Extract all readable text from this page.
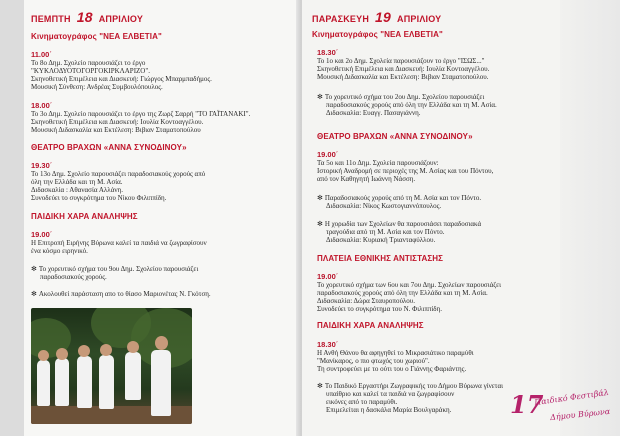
ΠΕΜΠΤΗ 18 ΑΠΡΙΛΙΟΥ
Κινηματογράφος "ΝΕΑ ΕΛΒΕΤΙΑ"
11.00΄
Το 8ο Δημ. Σχολείο παρουσιάζει το έργο
"ΚΥΚΛΟΔΥΟΤΟΓΟΡΓΟΚΙΡΚΛΑΡΙΖΟ".
Σκηνοθετική Επιμέλεια και Διασκευή: Γιώργος Μπαρμπαδήμος.
Μουσική Σύνθεση: Ανδρέας Συμβουλόπουλος.
18.00΄
Το 3ο Δημ. Σχολείο παρουσιάζει το έργο της Ζωρζ Σαρρή "ΤΟ ΓΑΪΤΑΝΑΚΙ".
Σκηνοθετική Επιμέλεια και Διασκευή: Ιουλία Κοντοαγγέλου.
Μουσική Διδασκαλία και Εκτέλεση: Βιβιαν Σταματοπούλου
ΘΕΑΤΡΟ ΒΡΑΧΩΝ «ΑΝΝΑ ΣΥΝΟΔΙΝΟΥ»
19.30΄
Το 13ο Δημ. Σχολείο παρουσιάζει παραδοσιακούς χορούς από
όλη την Ελλάδα και τη Μ. Ασία.
Διδασκαλία : Αθανασία Αλλάνη.
Συνοδεύει το συγκρότημα του Νίκου Φιλιππίδη.
ΠΑΙΔΙΚΗ ΧΑΡΑ ΑΝΑΛΗΨΗΣ
19.00΄
Η Επιτροπή Ειρήνης Βύρωνα καλεί τα παιδιά να ζωγραφίσουν
ένα κόσμο ειρηνικό.
✻ Το χορευτικό σχήμα του 9ου Δημ. Σχολείου παρουσιάζει
παραδοσιακούς χορούς.
✻ Ακολουθεί παράσταση απο το θίασο Μαριονέτας Ν. Γκότση.
ΠΑΡΑΣΚΕΥΗ 19 ΑΠΡΙΛΙΟΥ
Κινηματογράφος "ΝΕΑ ΕΛΒΕΤΙΑ"
18.30΄
Το 1ο και 2ο Δημ. Σχολεία παρουσιάζουν το έργο "ΙΣΩΣ..."
Σκηνοθετική Επιμέλεια και Διασκευή: Ιουλία Κοντοαγγέλου.
Μουσική Διδασκαλία και Εκτέλεση: Βιβιαν Σταματοπούλου.
✻ Το χορευτικό σχήμα του 2ου Δημ. Σχολείου παρουσιάζει
παραδοσιακούς χορούς από όλη την Ελλάδα και τη Μ. Ασία.
Διδασκαλία: Ευαγγ. Πασαγιάννη.
ΘΕΑΤΡΟ ΒΡΑΧΩΝ «ΑΝΝΑ ΣΥΝΟΔΙΝΟΥ»
19.00΄
Τα 5ο και 11ο Δημ. Σχολεία παρουσιάζουν:
Ιστορική Αναδρομή σε περιοχές της Μ. Ασίας και του Πόντου,
από τον Καθηγητή Ιωάννη Νάσση.
✻ Παραδοσιακούς χορούς από τη Μ. Ασία και τον Πόντο.
Διδασκαλία: Νίκος Κωστογιαννόπουλος.
✻ Η χορωδία των Σχολείων θα παρουσιάσει παραδοσιακά
τραγούδια από τη Μ. Ασία και τον Πόντο.
Διδασκαλία: Κυριακή Τριανταφύλλου.
ΠΛΑΤΕΙΑ ΕΘΝΙΚΗΣ ΑΝΤΙΣΤΑΣΗΣ
19.00΄
Το χορευτικό σχήμα των 6ου και 7ου Δημ. Σχολείων παρουσιάζει
παραδοσιακούς χορούς από όλη την Ελλάδα και τη Μ. Ασία.
Διδασκαλία: Δώρα Σταυροπούλου.
Συνοδεύει το συγκρότημα του Ν. Φιλιππίδη.
ΠΑΙΔΙΚΗ ΧΑΡΑ ΑΝΑΛΗΨΗΣ
18.30΄
Η Ανθή Θάνου θα αφηγηθεί το Μικρασιάτικο παραμύθι
"Μανίκαρος, ο πιο φτωχός του χωριού".
Τη συντροφεύει με το ούτι του ο Γιάννης Φαριάντης.
✻ Το Παιδικό Εργαστήρι Ζωγραφικής του Δήμου Βύρωνα γίνεται
υπαίθριο και καλεί τα παιδιά να ζωγραφίσουν
εικόνες από το παραμύθι.
Επιμελείται η δασκάλα Μαρία Βουλγαράκη.	17
Παιδικό Φεστιβάλ
Δήμου Βύρωνα
